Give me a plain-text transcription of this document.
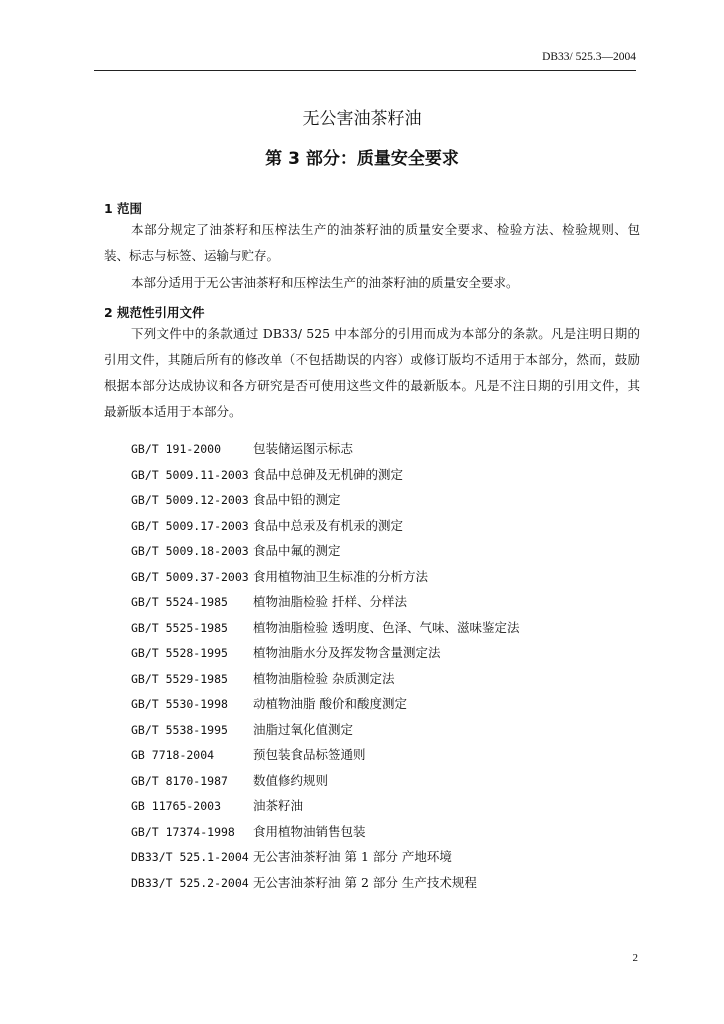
DB33/ 525.3—2004
无公害油茶籽油
第 3 部分：质量安全要求
1 范围
本部分规定了油茶籽和压榨法生产的油茶籽油的质量安全要求、检验方法、检验规则、包装、标志与标签、运输与贮存。
本部分适用于无公害油茶籽和压榨法生产的油茶籽油的质量安全要求。
2 规范性引用文件
下列文件中的条款通过 DB33/ 525 中本部分的引用而成为本部分的条款。凡是注明日期的引用文件，其随后所有的修改单（不包括勘误的内容）或修订版均不适用于本部分，然而，鼓励根据本部分达成协议和各方研究是否可使用这些文件的最新版本。凡是不注日期的引用文件，其最新版本适用于本部分。
GB/T 191-2000	包装储运图示标志
GB/T 5009.11-2003 食品中总砷及无机砷的测定
GB/T 5009.12-2003 食品中铅的测定
GB/T 5009.17-2003 食品中总汞及有机汞的测定
GB/T 5009.18-2003 食品中氟的测定
GB/T 5009.37-2003 食用植物油卫生标准的分析方法
GB/T 5524-1985 植物油脂检验 扦样、分样法
GB/T 5525-1985 植物油脂检验 透明度、色泽、气味、滋味鉴定法
GB/T 5528-1995 植物油脂水分及挥发物含量测定法
GB/T 5529-1985 植物油脂检验 杂质测定法
GB/T 5530-1998 动植物油脂 酸价和酸度测定
GB/T 5538-1995 油脂过氧化值测定
GB 7718-2004	预包装食品标签通则
GB/T 8170-1987 数值修约规则
GB 11765-2003	油茶籽油
GB/T 17374-1998 食用植物油销售包装
DB33/T 525.1-2004 无公害油茶籽油 第 1 部分 产地环境
DB33/T 525.2-2004 无公害油茶籽油 第 2 部分 生产技术规程
2
